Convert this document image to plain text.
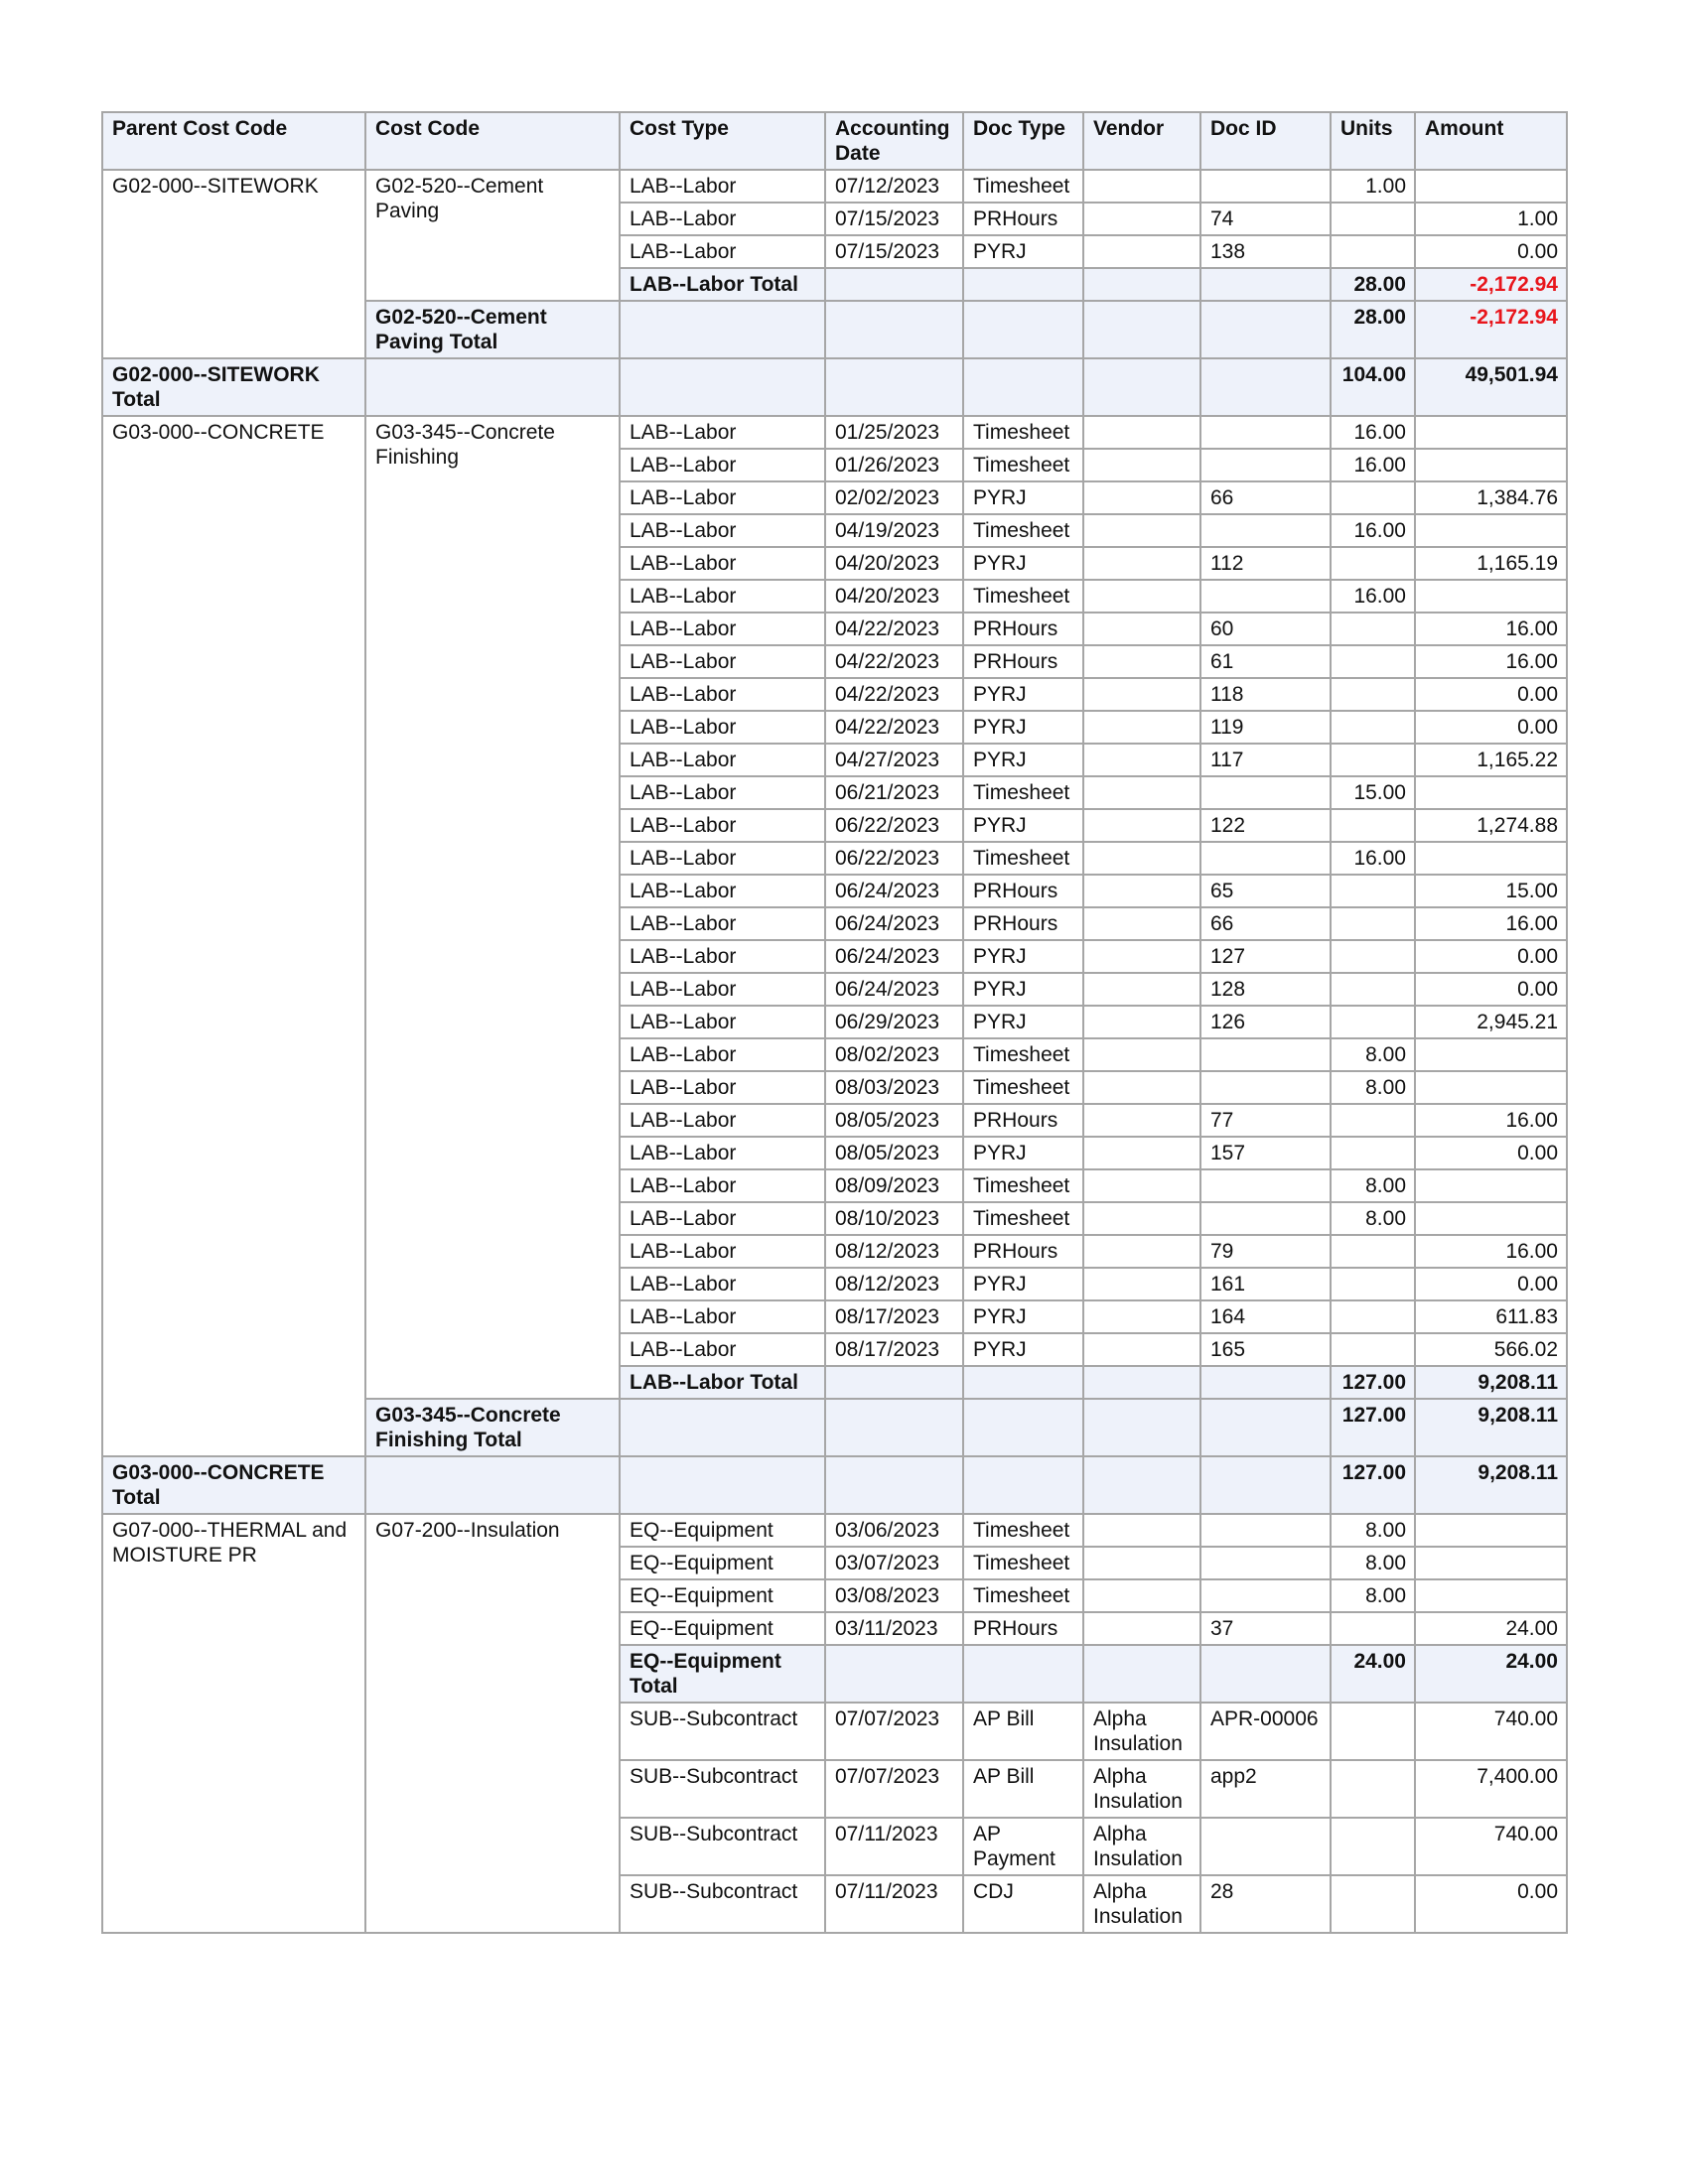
Parent Cost Code	Cost Code	Cost Type	Accounting Date	Doc Type	Vendor	Doc ID	Units	Amount
G02-000--SITEWORK	G02-520--Cement Paving	LAB--Labor	07/12/2023	Timesheet			1.00	
		LAB--Labor	07/15/2023	PRHours		74		1.00
		LAB--Labor	07/15/2023	PYRJ		138		0.00
		LAB--Labor Total					28.00	-2,172.94
	G02-520--Cement Paving Total						28.00	-2,172.94
G02-000--SITEWORK Total							104.00	49,501.94
G03-000--CONCRETE	G03-345--Concrete Finishing	LAB--Labor	01/25/2023	Timesheet			16.00	
		LAB--Labor	01/26/2023	Timesheet			16.00	
		LAB--Labor	02/02/2023	PYRJ		66		1,384.76
		LAB--Labor	04/19/2023	Timesheet			16.00	
		LAB--Labor	04/20/2023	PYRJ		112		1,165.19
		LAB--Labor	04/20/2023	Timesheet			16.00	
		LAB--Labor	04/22/2023	PRHours		60		16.00
		LAB--Labor	04/22/2023	PRHours		61		16.00
		LAB--Labor	04/22/2023	PYRJ		118		0.00
		LAB--Labor	04/22/2023	PYRJ		119		0.00
		LAB--Labor	04/27/2023	PYRJ		117		1,165.22
		LAB--Labor	06/21/2023	Timesheet			15.00	
		LAB--Labor	06/22/2023	PYRJ		122		1,274.88
		LAB--Labor	06/22/2023	Timesheet			16.00	
		LAB--Labor	06/24/2023	PRHours		65		15.00
		LAB--Labor	06/24/2023	PRHours		66		16.00
		LAB--Labor	06/24/2023	PYRJ		127		0.00
		LAB--Labor	06/24/2023	PYRJ		128		0.00
		LAB--Labor	06/29/2023	PYRJ		126		2,945.21
		LAB--Labor	08/02/2023	Timesheet			8.00	
		LAB--Labor	08/03/2023	Timesheet			8.00	
		LAB--Labor	08/05/2023	PRHours		77		16.00
		LAB--Labor	08/05/2023	PYRJ		157		0.00
		LAB--Labor	08/09/2023	Timesheet			8.00	
		LAB--Labor	08/10/2023	Timesheet			8.00	
		LAB--Labor	08/12/2023	PRHours		79		16.00
		LAB--Labor	08/12/2023	PYRJ		161		0.00
		LAB--Labor	08/17/2023	PYRJ		164		611.83
		LAB--Labor	08/17/2023	PYRJ		165		566.02
		LAB--Labor Total					127.00	9,208.11
	G03-345--Concrete Finishing Total						127.00	9,208.11
G03-000--CONCRETE Total							127.00	9,208.11
G07-000--THERMAL and MOISTURE PR	G07-200--Insulation	EQ--Equipment	03/06/2023	Timesheet			8.00	
		EQ--Equipment	03/07/2023	Timesheet			8.00	
		EQ--Equipment	03/08/2023	Timesheet			8.00	
		EQ--Equipment	03/11/2023	PRHours		37		24.00
		EQ--Equipment Total					24.00	24.00
		SUB--Subcontract	07/07/2023	AP Bill	Alpha Insulation	APR-00006		740.00
		SUB--Subcontract	07/07/2023	AP Bill	Alpha Insulation	app2		7,400.00
		SUB--Subcontract	07/11/2023	AP Payment	Alpha Insulation			740.00
		SUB--Subcontract	07/11/2023	CDJ	Alpha Insulation	28		0.00
